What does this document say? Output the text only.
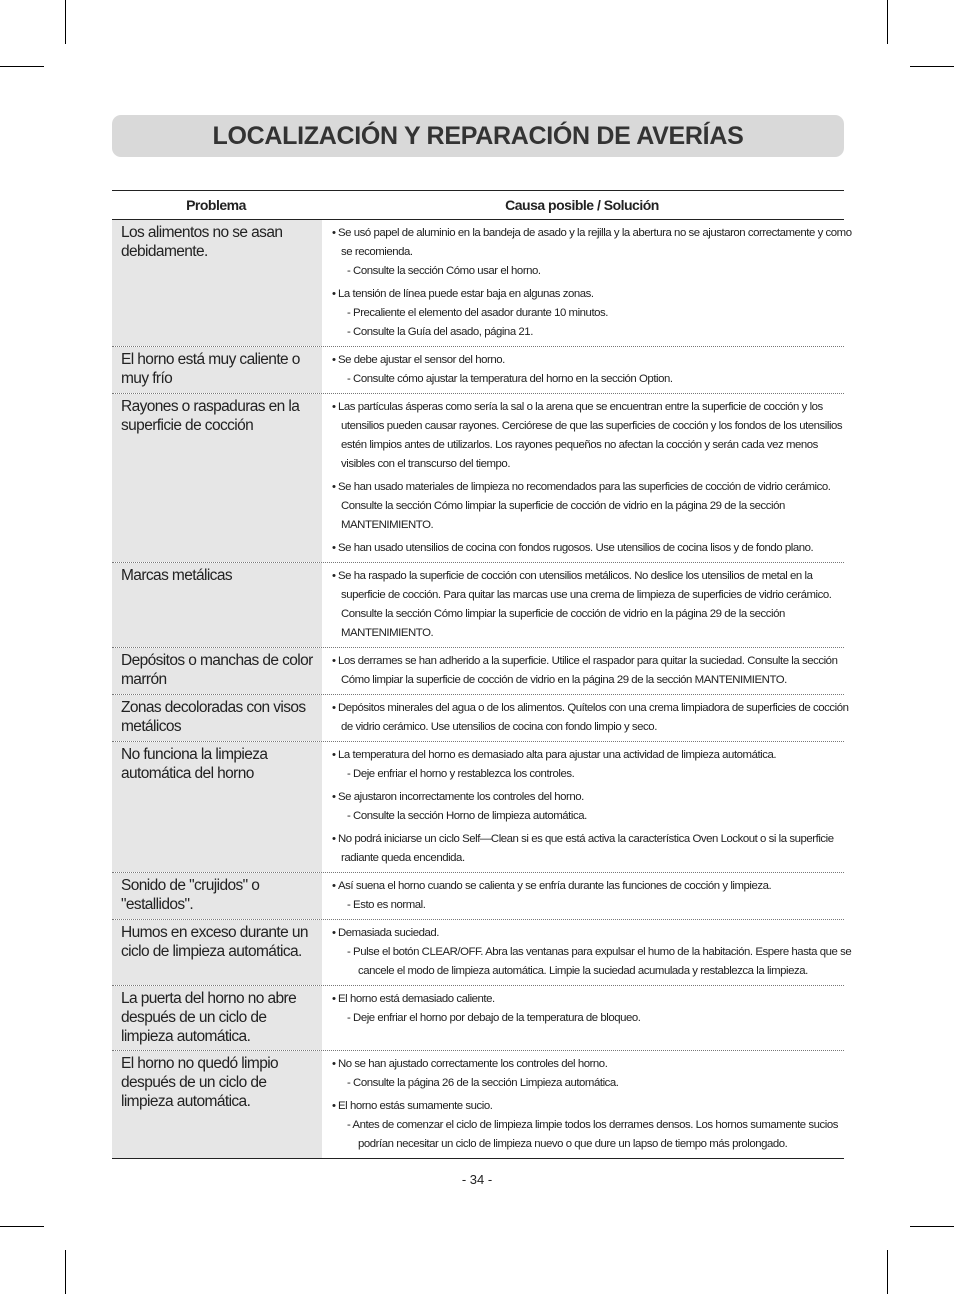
LOCALIZACIÓN Y REPARACIÓN DE AVERÍAS
Problema	Causa posible / Solución
Los alimentos no se asan debidamente.
• Se usó papel de aluminio en la bandeja de asado y la rejilla y la abertura no se ajustaron correctamente y como se recomienda.
- Consulte la sección Cómo usar el horno.
• La tensión de línea puede estar baja en algunas zonas.
- Precaliente el elemento del asador durante 10 minutos.
- Consulte la Guía del asado, página 21.
El horno está muy caliente o muy frío
• Se debe ajustar el sensor del horno.
- Consulte cómo ajustar la temperatura del horno en la sección Option.
Rayones o raspaduras en la superficie de cocción
• Las partículas ásperas como sería la sal o la arena que se encuentran entre la superficie de cocción y los utensilios pueden causar rayones. Cerciórese de que las superficies de cocción y los fondos de los utensilios estén limpios antes de utilizarlos. Los rayones pequeños no afectan la cocción y serán cada vez menos visibles con el transcurso del tiempo.
• Se han usado materiales de limpieza no recomendados para las superficies de cocción de vidrio cerámico. Consulte la sección Cómo limpiar la superficie de cocción de vidrio en la página 29 de la sección MANTENIMIENTO.
• Se han usado utensilios de cocina con fondos rugosos. Use utensilios de cocina lisos y de fondo plano.
Marcas metálicas
•	Se ha raspado la superficie de cocción con utensilios metálicos. No deslice los utensilios de metal en la superficie de cocción. Para quitar las marcas use una crema de limpieza de superficies de vidrio cerámico. Consulte la sección Cómo limpiar la superficie de cocción de vidrio en la página 29 de la sección MANTENIMIENTO.
Depósitos o manchas de color marrón
• Los derrames se han adherido a la superficie. Utilice el raspador para quitar la suciedad. Consulte la sección Cómo limpiar la superficie de cocción de vidrio en la página 29 de la sección MANTENIMIENTO.
Zonas decoloradas con visos metálicos
• Depósitos minerales del agua o de los alimentos. Quítelos con una crema limpiadora de superficies de cocción de vidrio cerámico. Use utensilios de cocina con fondo limpio y seco.
No funciona la limpieza automática del horno
• La temperatura del horno es demasiado alta para ajustar una actividad de limpieza automática.
- Deje enfriar el horno y restablezca los controles.
• Se ajustaron incorrectamente los controles del horno.
- Consulte la sección Horno de limpieza automática.
• No podrá iniciarse un ciclo Self—Clean si es que está activa la característica Oven Lockout o si la superficie radiante queda encendida.
Sonido de "crujidos" o "estallidos".
• Así suena el horno cuando se calienta y se enfría durante las funciones de cocción y limpieza.
- Esto es normal.
Humos en exceso durante un ciclo de limpieza automática.
• Demasiada suciedad.
- Pulse el botón CLEAR/OFF. Abra las ventanas para expulsar el humo de la habitación. Espere hasta que se cancele el modo de limpieza automática. Limpie la suciedad acumulada y restablezca la limpieza.
La puerta del horno no abre después de un ciclo de limpieza automática.
• El horno está demasiado caliente.
- Deje enfriar el horno por debajo de la temperatura de bloqueo.
El horno no quedó limpio después de un ciclo de limpieza automática.
• No se han ajustado correctamente los controles del horno.
- Consulte la página 26 de la sección Limpieza automática.
• El horno estás sumamente sucio.
- Antes de comenzar el ciclo de limpieza limpie todos los derrames densos. Los hornos sumamente sucios podrían necesitar un ciclo de limpieza nuevo o que dure un lapso de tiempo más prolongado.
- 34 -
